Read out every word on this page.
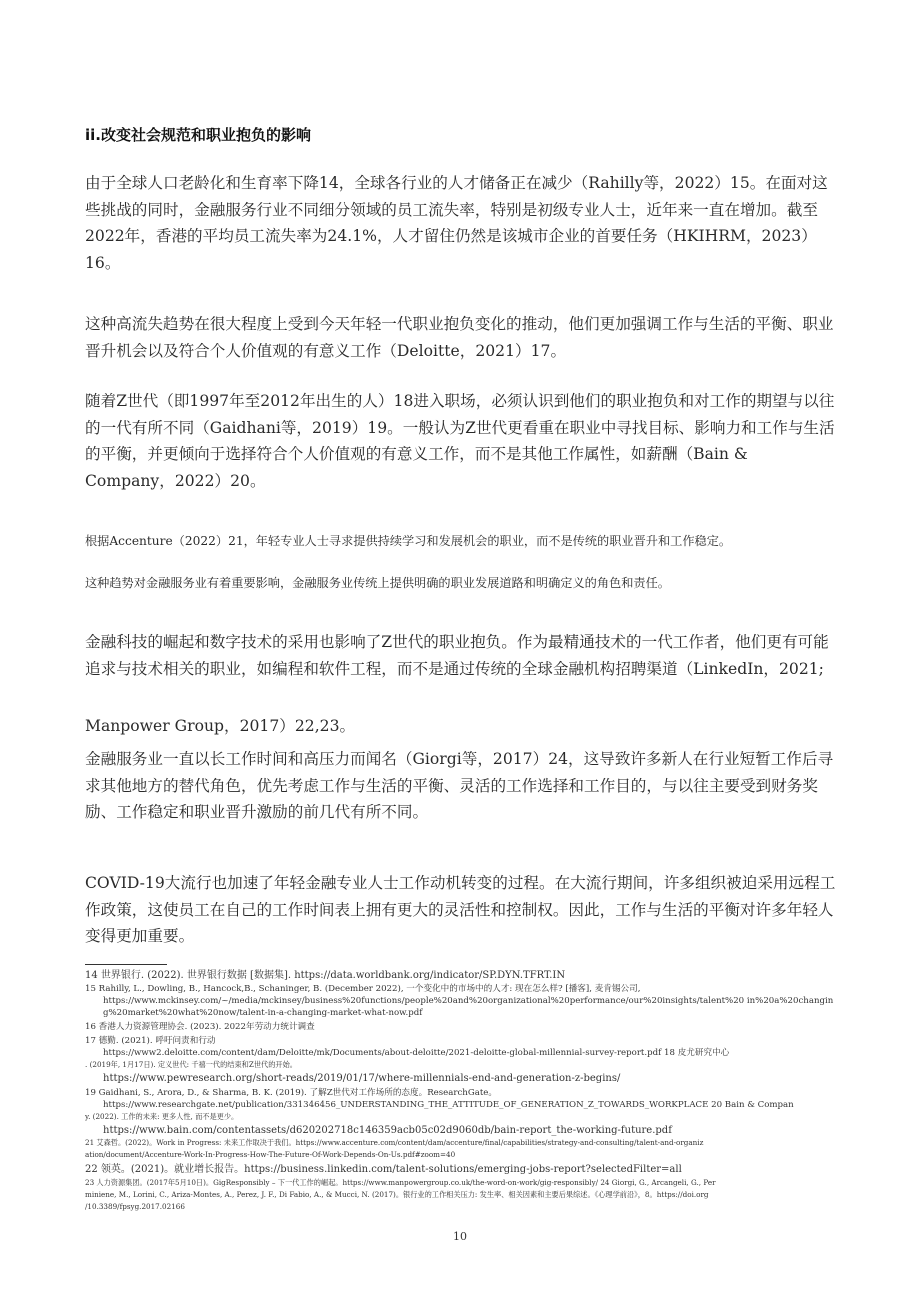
ii.改变社会规范和职业抱负的影响

由于全球人口老龄化和生育率下降14，全球各行业的人才储备正在减少（Rahilly等，2022）15。在面对这些挑战的同时，金融服务行业不同细分领域的员工流失率，特别是初级专业人士，近年来一直在增加。截至2022年，香港的平均员工流失率为24.1%，人才留住仍然是该城市企业的首要任务（HKIHRM，2023）16。

这种高流失趋势在很大程度上受到今天年轻一代职业抱负变化的推动，他们更加强调工作与生活的平衡、职业晋升机会以及符合个人价值观的有意义工作（Deloitte，2021）17。

随着Z世代（即1997年至2012年出生的人）18进入职场，必须认识到他们的职业抱负和对工作的期望与以往的一代有所不同（Gaidhani等，2019）19。一般认为Z世代更看重在职业中寻找目标、影响力和工作与生活的平衡，并更倾向于选择符合个人价值观的有意义工作，而不是其他工作属性，如薪酬（Bain & Company，2022）20。

根据Accenture（2022）21，年轻专业人士寻求提供持续学习和发展机会的职业，而不是传统的职业晋升和工作稳定。

这种趋势对金融服务业有着重要影响，金融服务业传统上提供明确的职业发展道路和明确定义的角色和责任。

金融科技的崛起和数字技术的采用也影响了Z世代的职业抱负。作为最精通技术的一代工作者，他们更有可能追求与技术相关的职业，如编程和软件工程，而不是通过传统的全球金融机构招聘渠道（LinkedIn，2021;

Manpower Group，2017）22,23。

金融服务业一直以长工作时间和高压力而闻名（Giorgi等，2017）24，这导致许多新人在行业短暂工作后寻求其他地方的替代角色，优先考虑工作与生活的平衡、灵活的工作选择和工作目的，与以往主要受到财务奖励、工作稳定和职业晋升激励的前几代有所不同。

COVID-19大流行也加速了年轻金融专业人士工作动机转变的过程。在大流行期间，许多组织被迫采用远程工作政策，这使员工在自己的工作时间表上拥有更大的灵活性和控制权。因此，工作与生活的平衡对许多年轻人变得更加重要。

14 世界银行. (2022). 世界银行数据 [数据集]. https://data.worldbank.org/indicator/SP.DYN.TFRT.IN

15 Rahilly, L., Dowling, B., Hancock,B., Schaninger, B. (December 2022), 一个变化中的市场中的人才: 现在怎么样? [播客], 麦肯锡公司,

https://www.mckinsey.com/~/media/mckinsey/business%20functions/people%20and%20organizational%20performance/our%20insights/talent%20 in%20a%20changin

g%20market%20what%20now/talent-in-a-changing-market-what-now.pdf

16 香港人力资源管理协会. (2023). 2022年劳动力统计调查

17 德勤. (2021). 呼吁问责和行动

https://www2.deloitte.com/content/dam/Deloitte/mk/Documents/about-deloitte/2021-deloitte-global-millennial-survey-report.pdf 18 皮尤研究中心

. (2019年, 1月17日). 定义世代: 千禧一代的结束和Z世代的开始。

https://www.pewresearch.org/short-reads/2019/01/17/where-millennials-end-and-generation-z-begins/

19 Gaidhani, S., Arora, D., & Sharma, B. K. (2019). 了解Z世代对工作场所的态度。ResearchGate。

https://www.researchgate.net/publication/331346456_UNDERSTANDING_THE_ATTITUDE_OF_GENERATION_Z_TOWARDS_WORKPLACE 20 Bain & Compan

y. (2022). 工作的未来: 更多人性, 而不是更少。

https://www.bain.com/contentassets/d620202718c146359acb05c02d9060db/bain-report_the-working-future.pdf

21 艾森哲。(2022)。Work in Progress: 未来工作取决于我们。https://www.accenture.com/content/dam/accenture/final/capabilities/strategy-and-consulting/talent-and-organiz

ation/document/Accenture-Work-In-Progress-How-The-Future-Of-Work-Depends-On-Us.pdf#zoom=40

22 领英。(2021)。就业增长报告。https://business.linkedin.com/talent-solutions/emerging-jobs-report?selectedFilter=all

23 人力资源集团。(2017年5月10日)。GigResponsibly – 下一代工作的崛起。https://www.manpowergroup.co.uk/the-word-on-work/gig-responsibly/ 24 Giorgi, G., Arcangeli, G., Per

miniene, M., Lorini, C., Ariza-Montes, A., Perez, J. F., Di Fabio, A., & Mucci, N. (2017)。银行业的工作相关压力: 发生率、相关因素和主要后果综述。《心理学前沿》，8。https://doi.org

/10.3389/fpsyg.2017.02166

10
